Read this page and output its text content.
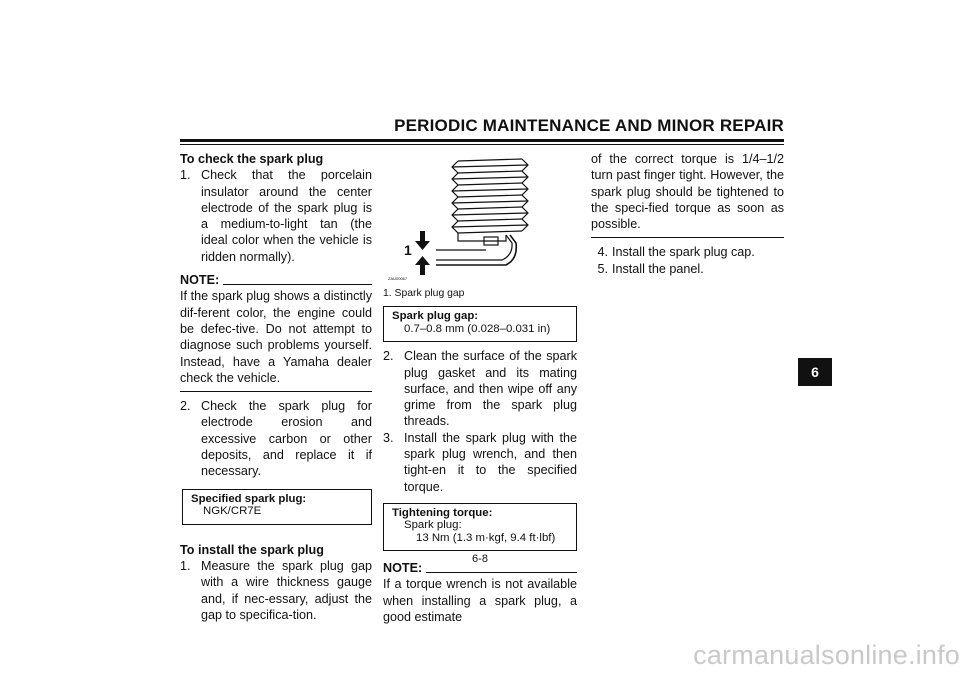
PERIODIC MAINTENANCE AND MINOR REPAIR

To check the spark plug

1. Check that the porcelain insulator around the center electrode of the spark plug is a medium-to-light tan (the ideal color when the vehicle is ridden normally).
NOTE:

If the spark plug shows a distinctly dif-ferent color, the engine could be defec-tive. Do not attempt to diagnose such problems yourself. Instead, have a Yamaha dealer check the vehicle.

2. Check the spark plug for electrode erosion and excessive carbon or other deposits, and replace it if necessary.
Specified spark plug:
NGK/CR7E

To install the spark plug

1. Measure the spark plug gap with a wire thickness gauge and, if nec-essary, adjust the gap to specifica-tion.
1
ZAU00067

1. Spark plug gap

Spark plug gap:
0.7–0.8 mm (0.028–0.031 in)
2. Clean the surface of the spark plug gasket and its mating surface, and then wipe off any grime from the spark plug threads.
3. Install the spark plug with the spark plug wrench, and then tight-en it to the specified torque.
Tightening torque:
Spark plug:
13 Nm (1.3 m·kgf, 9.4 ft·lbf)
NOTE:

If a torque wrench is not available when installing a spark plug, a good estimate

of the correct torque is 1/4–1/2 turn past finger tight. However, the spark plug should be tightened to the speci-fied torque as soon as possible.

4. Install the spark plug cap.
5. Install the panel.
6-8
6
carmanualsonline.info
